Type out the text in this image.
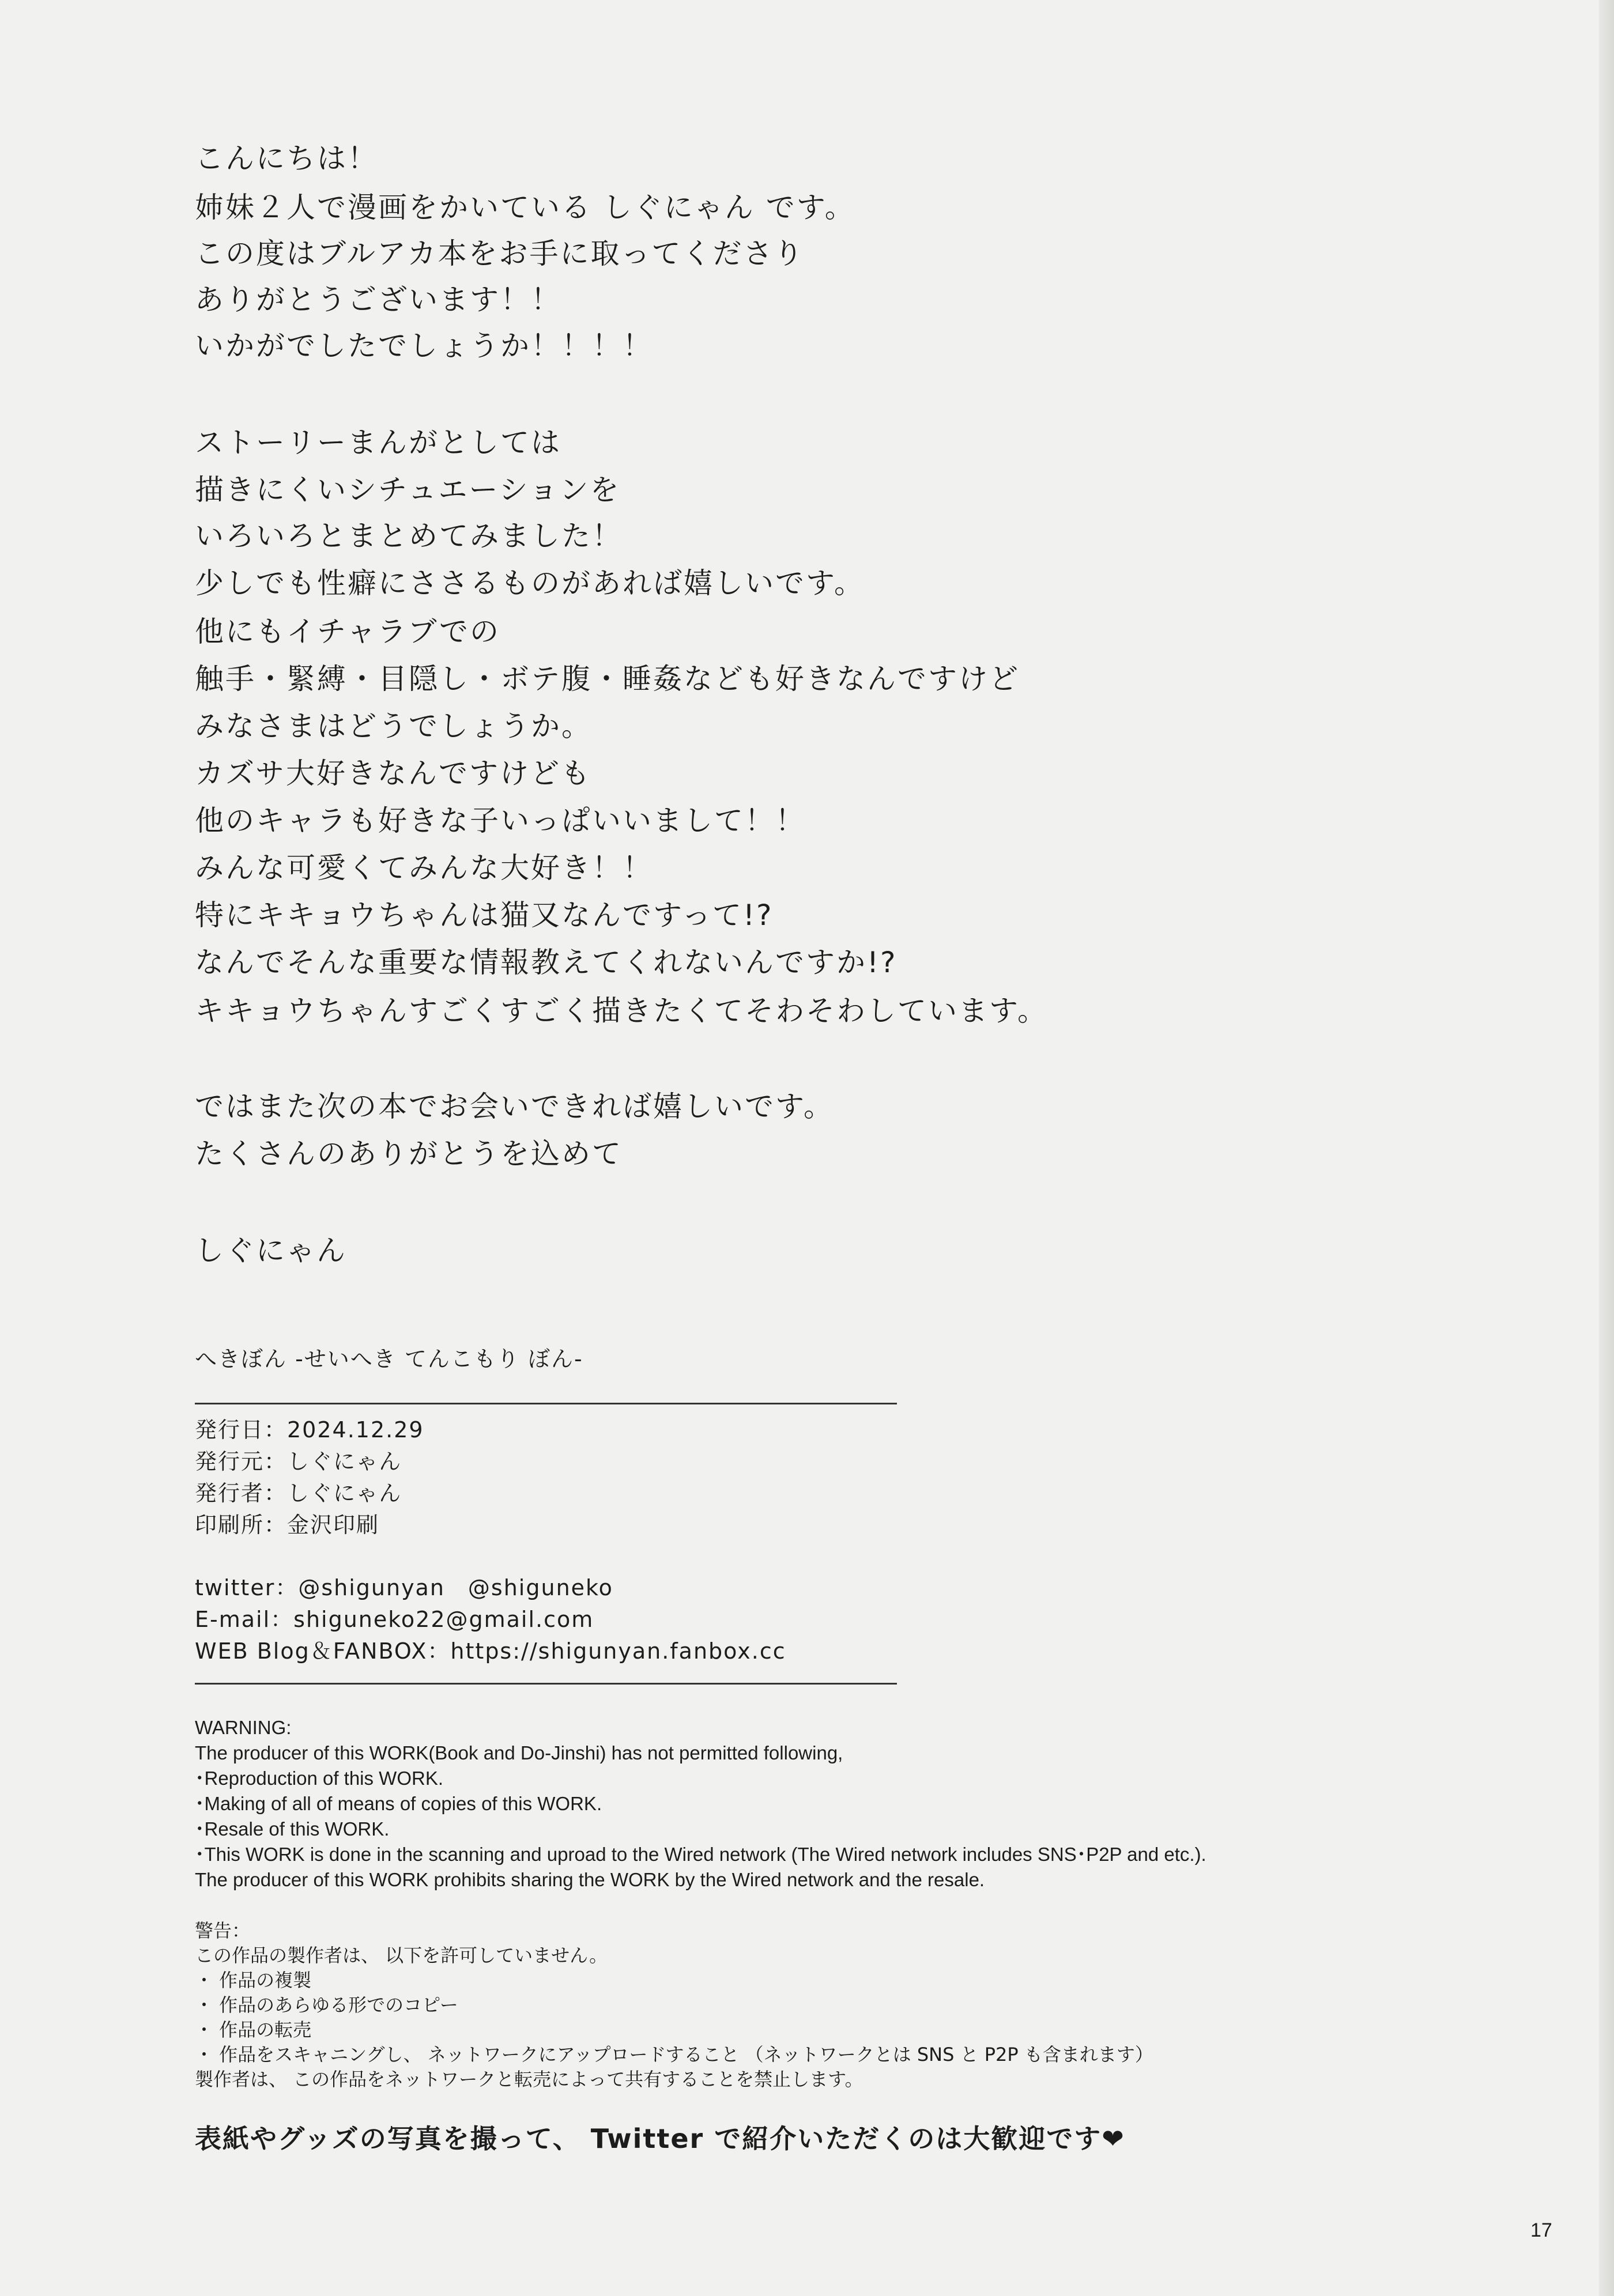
こんにちは！
姉妹２人で漫画をかいている しぐにゃん です。
この度はブルアカ本をお手に取ってくださり
ありがとうございます！！
いかがでしたでしょうか！！！！
ストーリーまんがとしては
描きにくいシチュエーションを
いろいろとまとめてみました！
少しでも性癖にささるものがあれば嬉しいです。
他にもイチャラブでの
触手・緊縛・目隠し・ボテ腹・睡姦なども好きなんですけど
みなさまはどうでしょうか。
カズサ大好きなんですけども
他のキャラも好きな子いっぱいいまして！！
みんな可愛くてみんな大好き！！
特にキキョウちゃんは猫又なんですって!?
なんでそんな重要な情報教えてくれないんですか!?
キキョウちゃんすごくすごく描きたくてそわそわしています。
ではまた次の本でお会いできれば嬉しいです。
たくさんのありがとうを込めて
しぐにゃん
へきぼん -せいへき てんこもり ぼん-
発行日：2024.12.29
発行元：しぐにゃん
発行者：しぐにゃん
印刷所：金沢印刷
twitter：@shigunyan　@shiguneko
E-mail：shiguneko22@gmail.com
WEB Blog＆FANBOX：https://shigunyan.fanbox.cc
WARNING:
The producer of this WORK(Book and Do-Jinshi) has not permitted following,
･Reproduction of this WORK.
･Making of all of means of copies of this WORK.
･Resale of this WORK.
･This WORK is done in the scanning and uproad to the Wired network (The Wired network includes SNS･P2P and etc.).
The producer of this WORK prohibits sharing the WORK by the Wired network and the resale.
警告：
この作品の製作者は、 以下を許可していません。
・ 作品の複製
・ 作品のあらゆる形でのコピー
・ 作品の転売
・ 作品をスキャニングし、 ネットワークにアップロードすること （ネットワークとは SNS と P2P も含まれます）
製作者は、 この作品をネットワークと転売によって共有することを禁止します。
表紙やグッズの写真を撮って、 Twitter で紹介いただくのは大歓迎です❤
17
